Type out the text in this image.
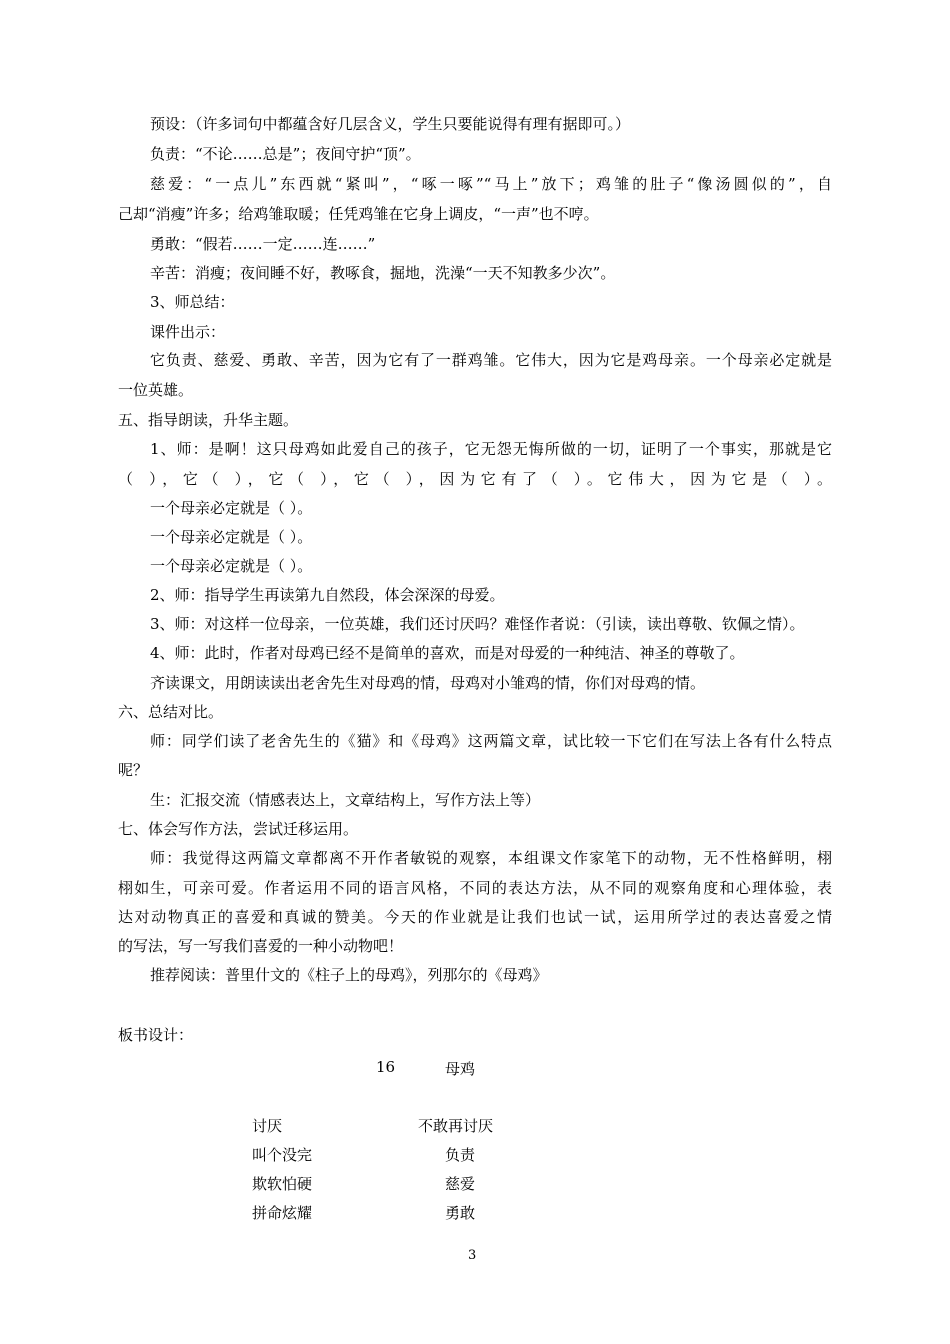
预设：（许多词句中都蕴含好几层含义，学生只要能说得有理有据即可。）
负责：“不论……总是”；夜间守护“顶”。
慈爱：“一点儿”东西就“紧叫”，“啄一啄”“马上”放下；鸡雏的肚子“像汤圆似的”，自
己却“消瘦”许多；给鸡雏取暖；任凭鸡雏在它身上调皮，“一声”也不哼。
勇敢：“假若……一定……连……”
辛苦：消瘦；夜间睡不好，教啄食，掘地，洗澡“一天不知教多少次”。
3、师总结：
课件出示：
它负责、慈爱、勇敢、辛苦，因为它有了一群鸡雏。它伟大，因为它是鸡母亲。一个母亲必定就是
一位英雄。
五、指导朗读，升华主题。
1、师：是啊！这只母鸡如此爱自己的孩子，它无怨无悔所做的一切，证明了一个事实，那就是它
（ ），它（ ），它（ ），它（ ），因为它有了（ ）。它伟大，因为它是（ ）。
一个母亲必定就是（ ）。
一个母亲必定就是（ ）。
一个母亲必定就是（ ）。
2、师：指导学生再读第九自然段，体会深深的母爱。
3、师：对这样一位母亲，一位英雄，我们还讨厌吗？难怪作者说：（引读，读出尊敬、钦佩之情）。
4、师：此时，作者对母鸡已经不是简单的喜欢，而是对母爱的一种纯洁、神圣的尊敬了。
齐读课文，用朗读读出老舍先生对母鸡的情，母鸡对小雏鸡的情，你们对母鸡的情。
六、总结对比。
师：同学们读了老舍先生的《猫》和《母鸡》这两篇文章，试比较一下它们在写法上各有什么特点
呢？
生：汇报交流（情感表达上，文章结构上，写作方法上等）
七、体会写作方法，尝试迁移运用。
师：我觉得这两篇文章都离不开作者敏锐的观察，本组课文作家笔下的动物，无不性格鲜明，栩
栩如生，可亲可爱。作者运用不同的语言风格，不同的表达方法，从不同的观察角度和心理体验，表
达对动物真正的喜爱和真诚的赞美。今天的作业就是让我们也试一试，运用所学过的表达喜爱之情
的写法，写一写我们喜爱的一种小动物吧！
推荐阅读：普里什文的《柱子上的母鸡》，列那尔的《母鸡》
板书设计：
16	母鸡
讨厌
叫个没完
欺软怕硬
拼命炫耀
不敢再讨厌
负责
慈爱
勇敢
3
